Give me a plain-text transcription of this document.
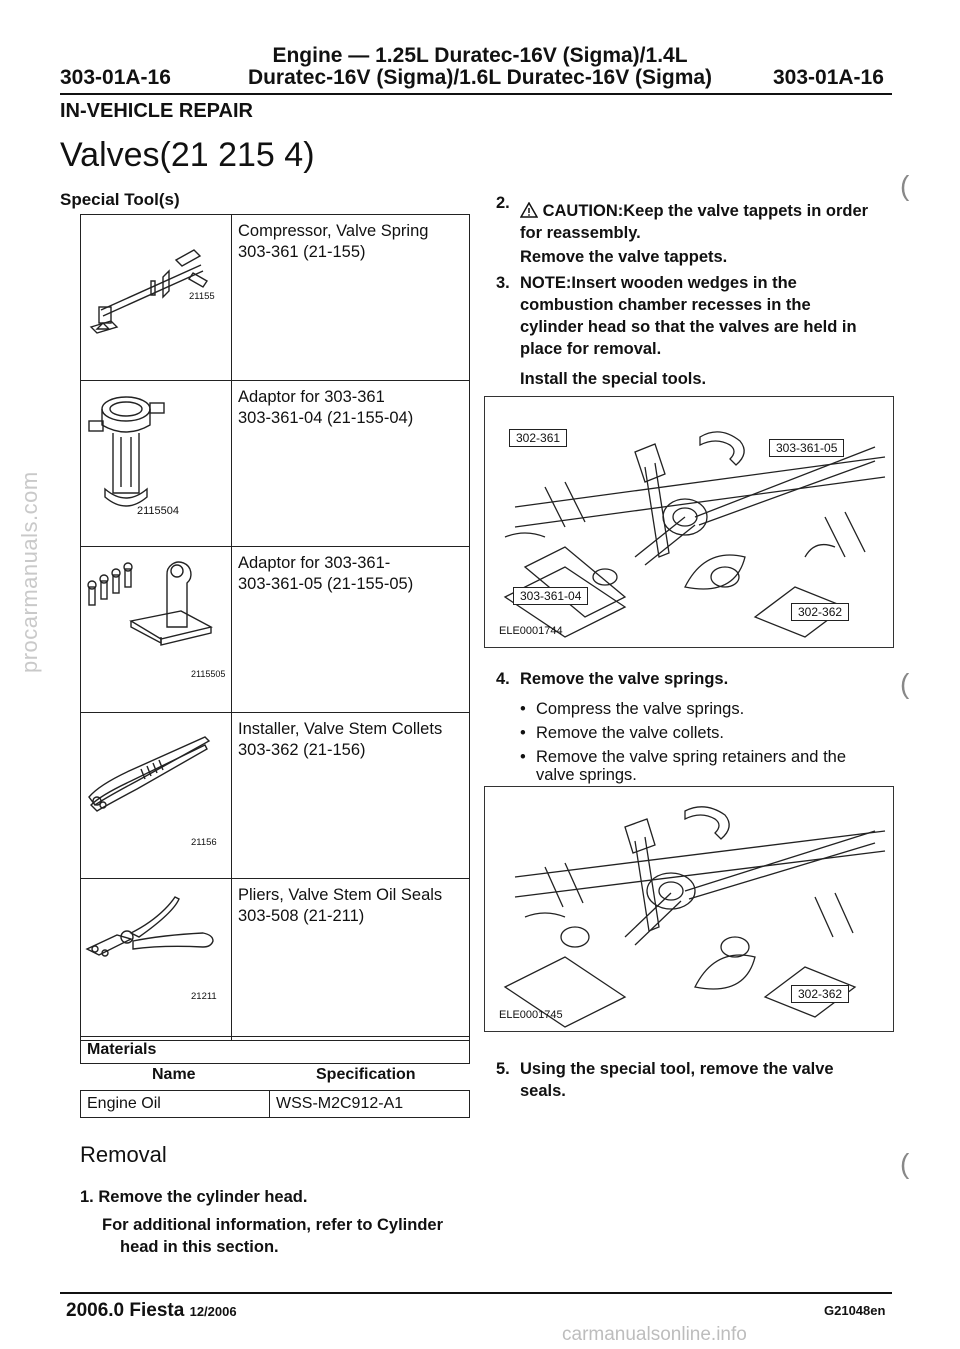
procarmanuals.com
Engine — 1.25L Duratec-16V (Sigma)/1.4L
Duratec-16V (Sigma)/1.6L Duratec-16V (Sigma)
303-01A-16	303-01A-16
IN-VEHICLE REPAIR
Valves(21 215 4)
Special Tool(s)
21155	Compressor, Valve Spring
303-361 (21-155)

2115504	Adaptor for 303-361
303-361-04 (21-155-04)

2115505	Adaptor for 303-361-
303-361-05 (21-155-05)

21156	Installer, Valve Stem Collets
303-362 (21-156)

21211	Pliers, Valve Stem Oil Seals
303-508 (21-211)
Materials
Name	Specification
Engine Oil	WSS-M2C912-A1
Removal
1. Remove the cylinder head.
For additional information, refer to Cylinder
head in this section.
2.	CAUTION:Keep the valve tappets in order
for reassembly.
Remove the valve tappets.
3. NOTE:Insert wooden wedges in the
combustion chamber recesses in the
cylinder head so that the valves are held in
place for removal.
Install the special tools.
302-361
303-361-05
303-361-04
302-362
ELE0001744
4. Remove the valve springs.
• Compress the valve springs.
• Remove the valve collets.
• Remove the valve spring retainers and the
valve springs.
302-362
ELE0001745
5. Using the special tool, remove the valve
seals.
(
(
(
2006.0 Fiesta 12/2006	G21048en
carmanualsonline.info
